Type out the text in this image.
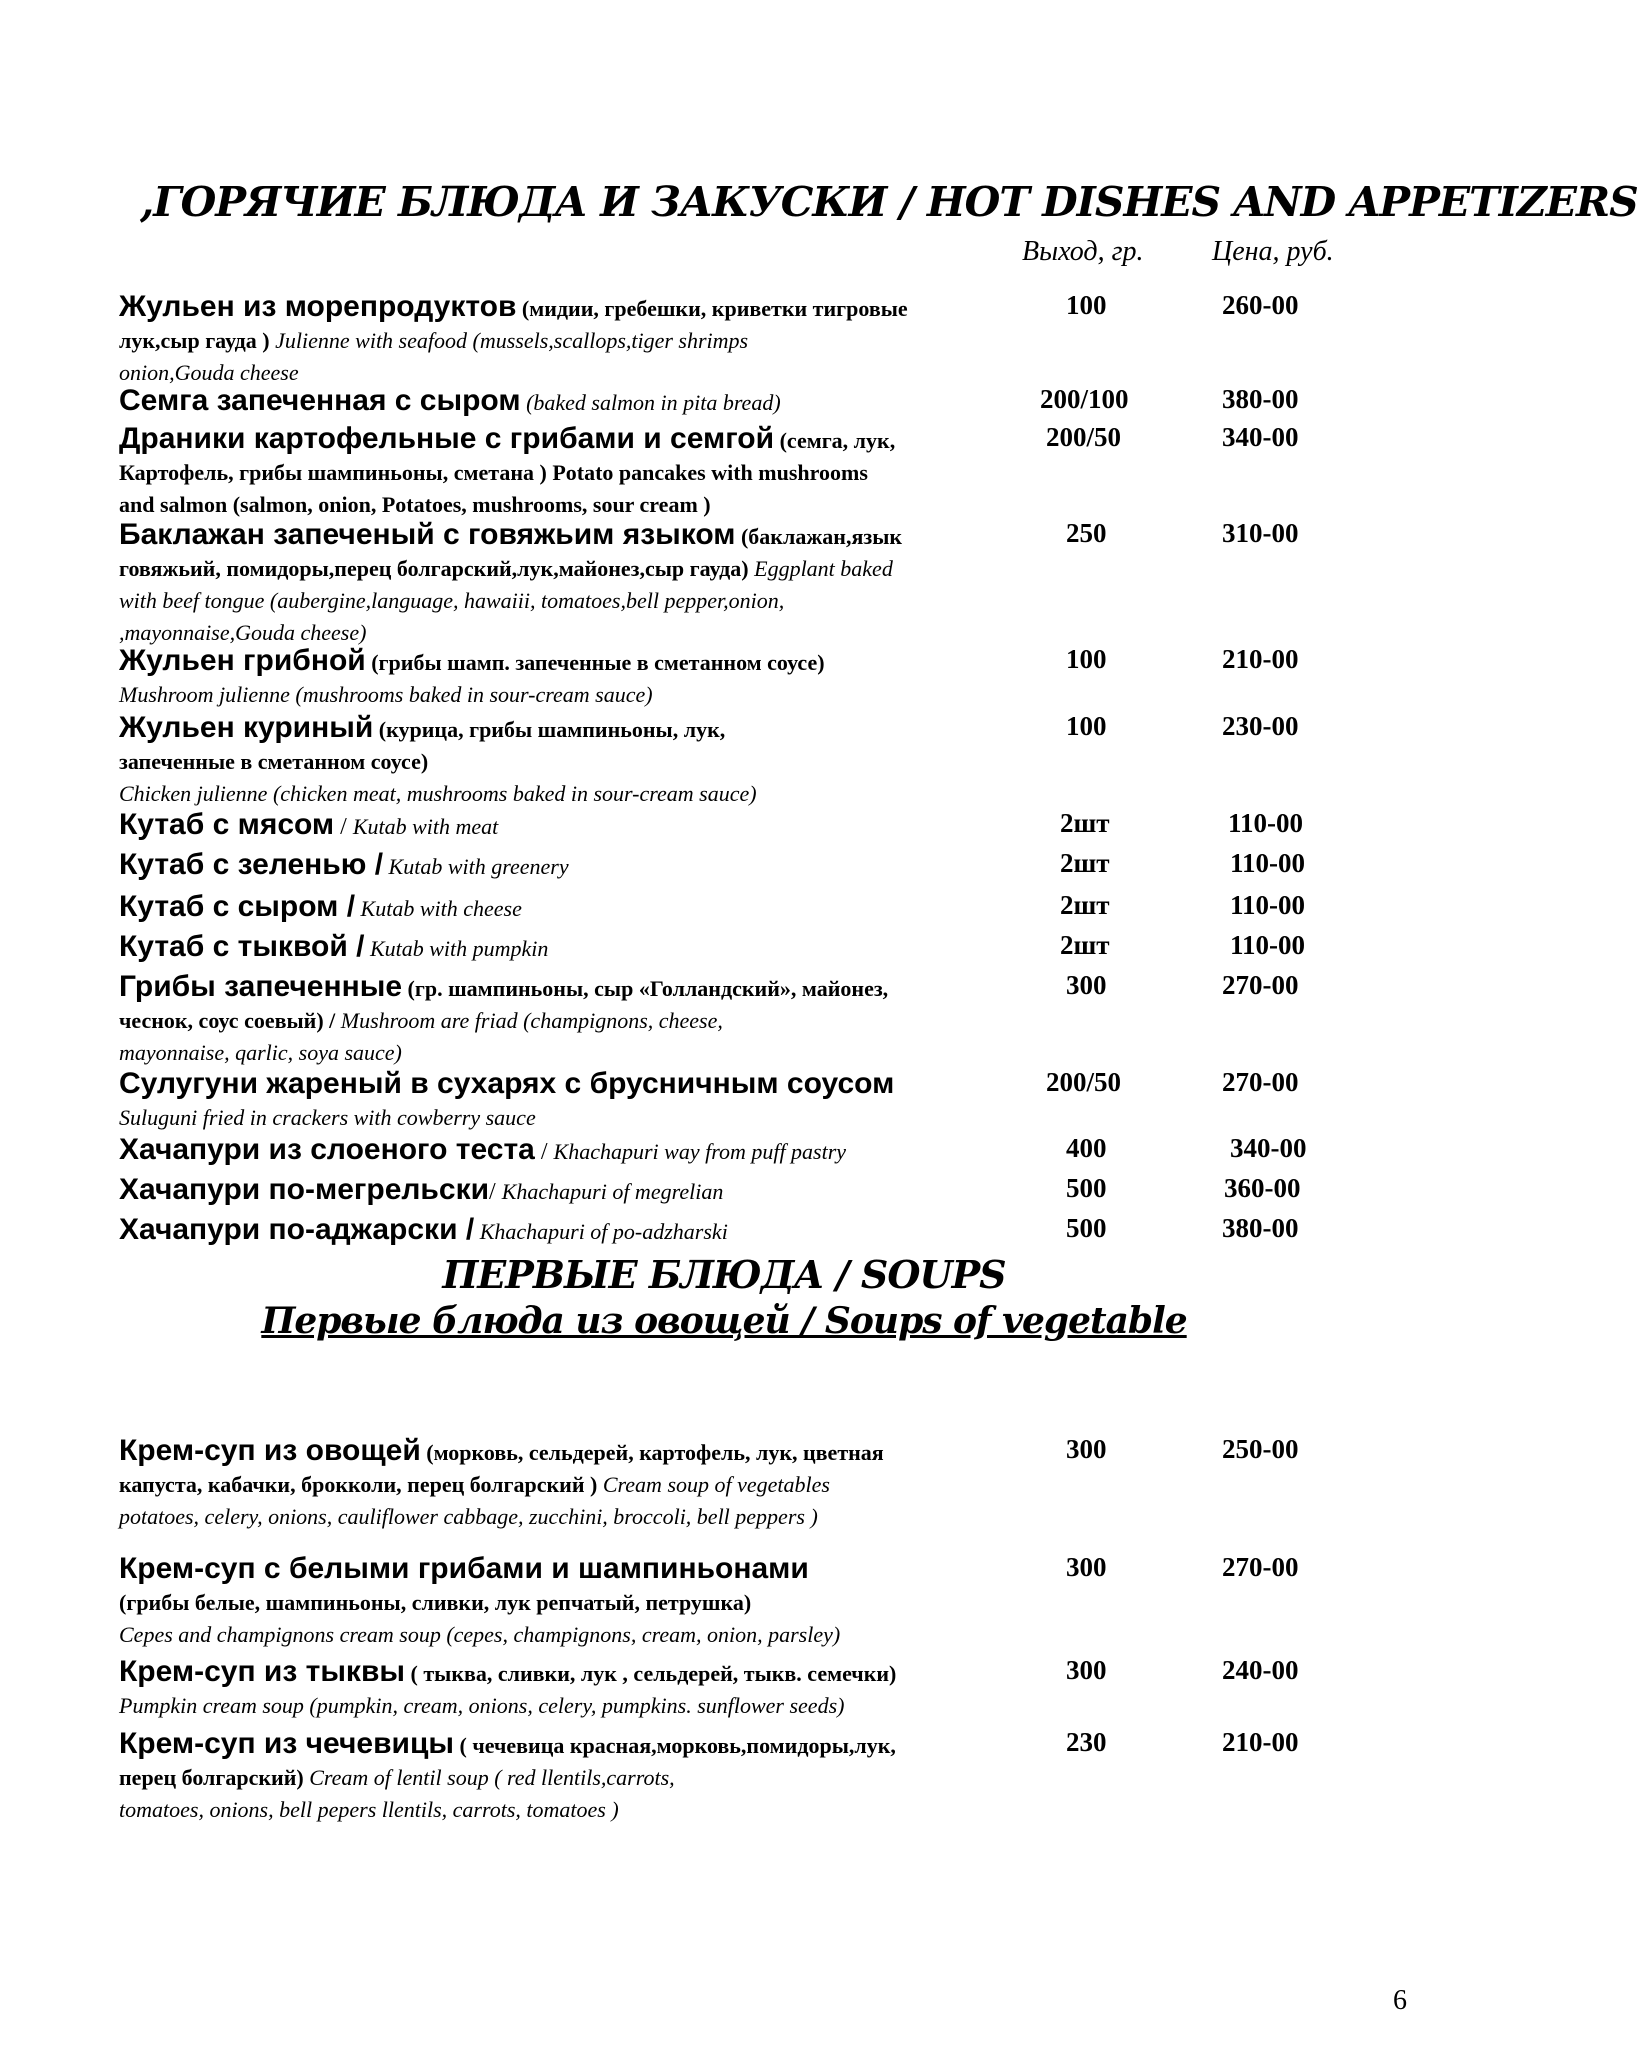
,ГОРЯЧИЕ БЛЮДА И ЗАКУСКИ / HOT DISHES AND APPETIZERS
Выход, гр. Цена, руб.
Жульен из морепродуктов (мидии, гребешки, криветки тигровые
лук,сыр гауда ) Julienne with seafood (mussels,scallops,tiger shrimps
onion,Gouda cheese
100	260-00
Семга запеченная с сыром (baked salmon in pita bread)	200/100	380-00
Драники картофельные с грибами и семгой (семга, лук,
Картофель, грибы шампиньоны, сметана ) Potato pancakes with mushrooms
and salmon (salmon, onion, Potatoes, mushrooms, sour cream )
200/50	340-00
Баклажан запеченый с говяжьим языком (баклажан,язык
говяжьий, помидоры,перец болгарский,лук,майонез,сыр гауда) Eggplant baked
with beef tongue (aubergine,language, hawaiii, tomatoes,bell pepper,onion,
,mayonnaise,Gouda cheese)
250	310-00
Жульен грибной (грибы шамп. запеченные в сметанном соусе)
Mushroom julienne (mushrooms baked in sour-cream sauce)
100	210-00
Жульен куриный (курица, грибы шампиньоны, лук,
запеченные в сметанном соусе)
Chicken julienne (chicken meat, mushrooms baked in sour-cream sauce)
100	230-00
Кутаб с мясом / Kutab with meat	2шт	110-00
Кутаб с зеленью / Kutab with greenery	2шт	110-00
Кутаб с сыром / Kutab with cheese	2шт	110-00
Кутаб с тыквой / Kutab with pumpkin	2шт	110-00
Грибы запеченные (гр. шампиньоны, сыр «Голландский», майонез,
чеснок, соус соевый) / Mushroom are friad (champignons, cheese,
mayonnaise, qarlic, soya sauce)
300	270-00
Сулугуни жареный в сухарях с брусничным соусом
Suluguni fried in crackers with cowberry sauce
200/50	270-00
Хачапури из слоеного теста / Khachapuri way from puff pastry	400	340-00
Хачапури по-мегрельски/ Khachapuri of megrelian	500	360-00
Хачапури по-аджарски / Khachapuri of po-adzharski	500	380-00
ПЕРВЫЕ БЛЮДА / SOUPS
Первые блюда из овощей / Soups of vegetable
Крем-суп из овощей (морковь, сельдерей, картофель, лук, цветная
капуста, кабачки, брокколи, перец болгарский ) Cream soup of vegetables
potatoes, celery, onions, cauliflower cabbage, zucchini, broccoli, bell peppers )
300	250-00
Крем-суп с белыми грибами и шампиньонами
(грибы белые, шампиньоны, сливки, лук репчатый, петрушка)
Cepes and champignons cream soup (cepes, champignons, cream, onion, parsley)
300	270-00
Крем-суп из тыквы ( тыква, сливки, лук , сельдерей, тыкв. семечки)
Pumpkin cream soup (pumpkin, cream, onions, celery, pumpkins. sunflower seeds)
300	240-00
Крем-суп из чечевицы ( чечевица красная,морковь,помидоры,лук,
перец болгарский) Cream of lentil soup ( red llentils,carrots,
tomatoes, onions, bell pepers llentils, carrots, tomatoes )
230	210-00
6
